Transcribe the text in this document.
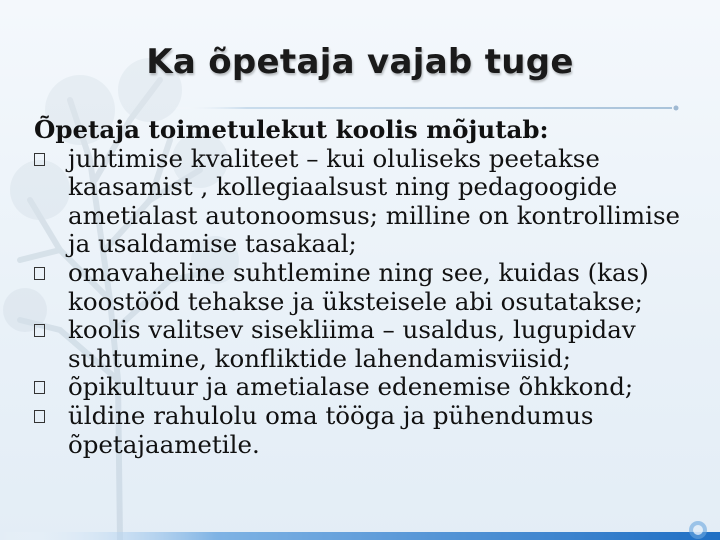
Ka õpetaja vajab tuge

Õpetaja toimetulekut koolis mõjutab:

juhtimise kvaliteet – kui oluliseks peetakse kaasamist , kollegiaalsust ning pedagoogide ametialast autonoomsus; milline on kontrollimise ja usaldamise tasakaal;
omavaheline suhtlemine ning see, kuidas (kas) koostööd tehakse ja üksteisele abi osutatakse;
koolis valitsev sisekliima – usaldus, lugupidav suhtumine, konfliktide lahendamisviisid;
õpikultuur ja ametialase edenemise õhkkond;
üldine rahulolu oma tööga ja pühendumus õpetajaametile.
